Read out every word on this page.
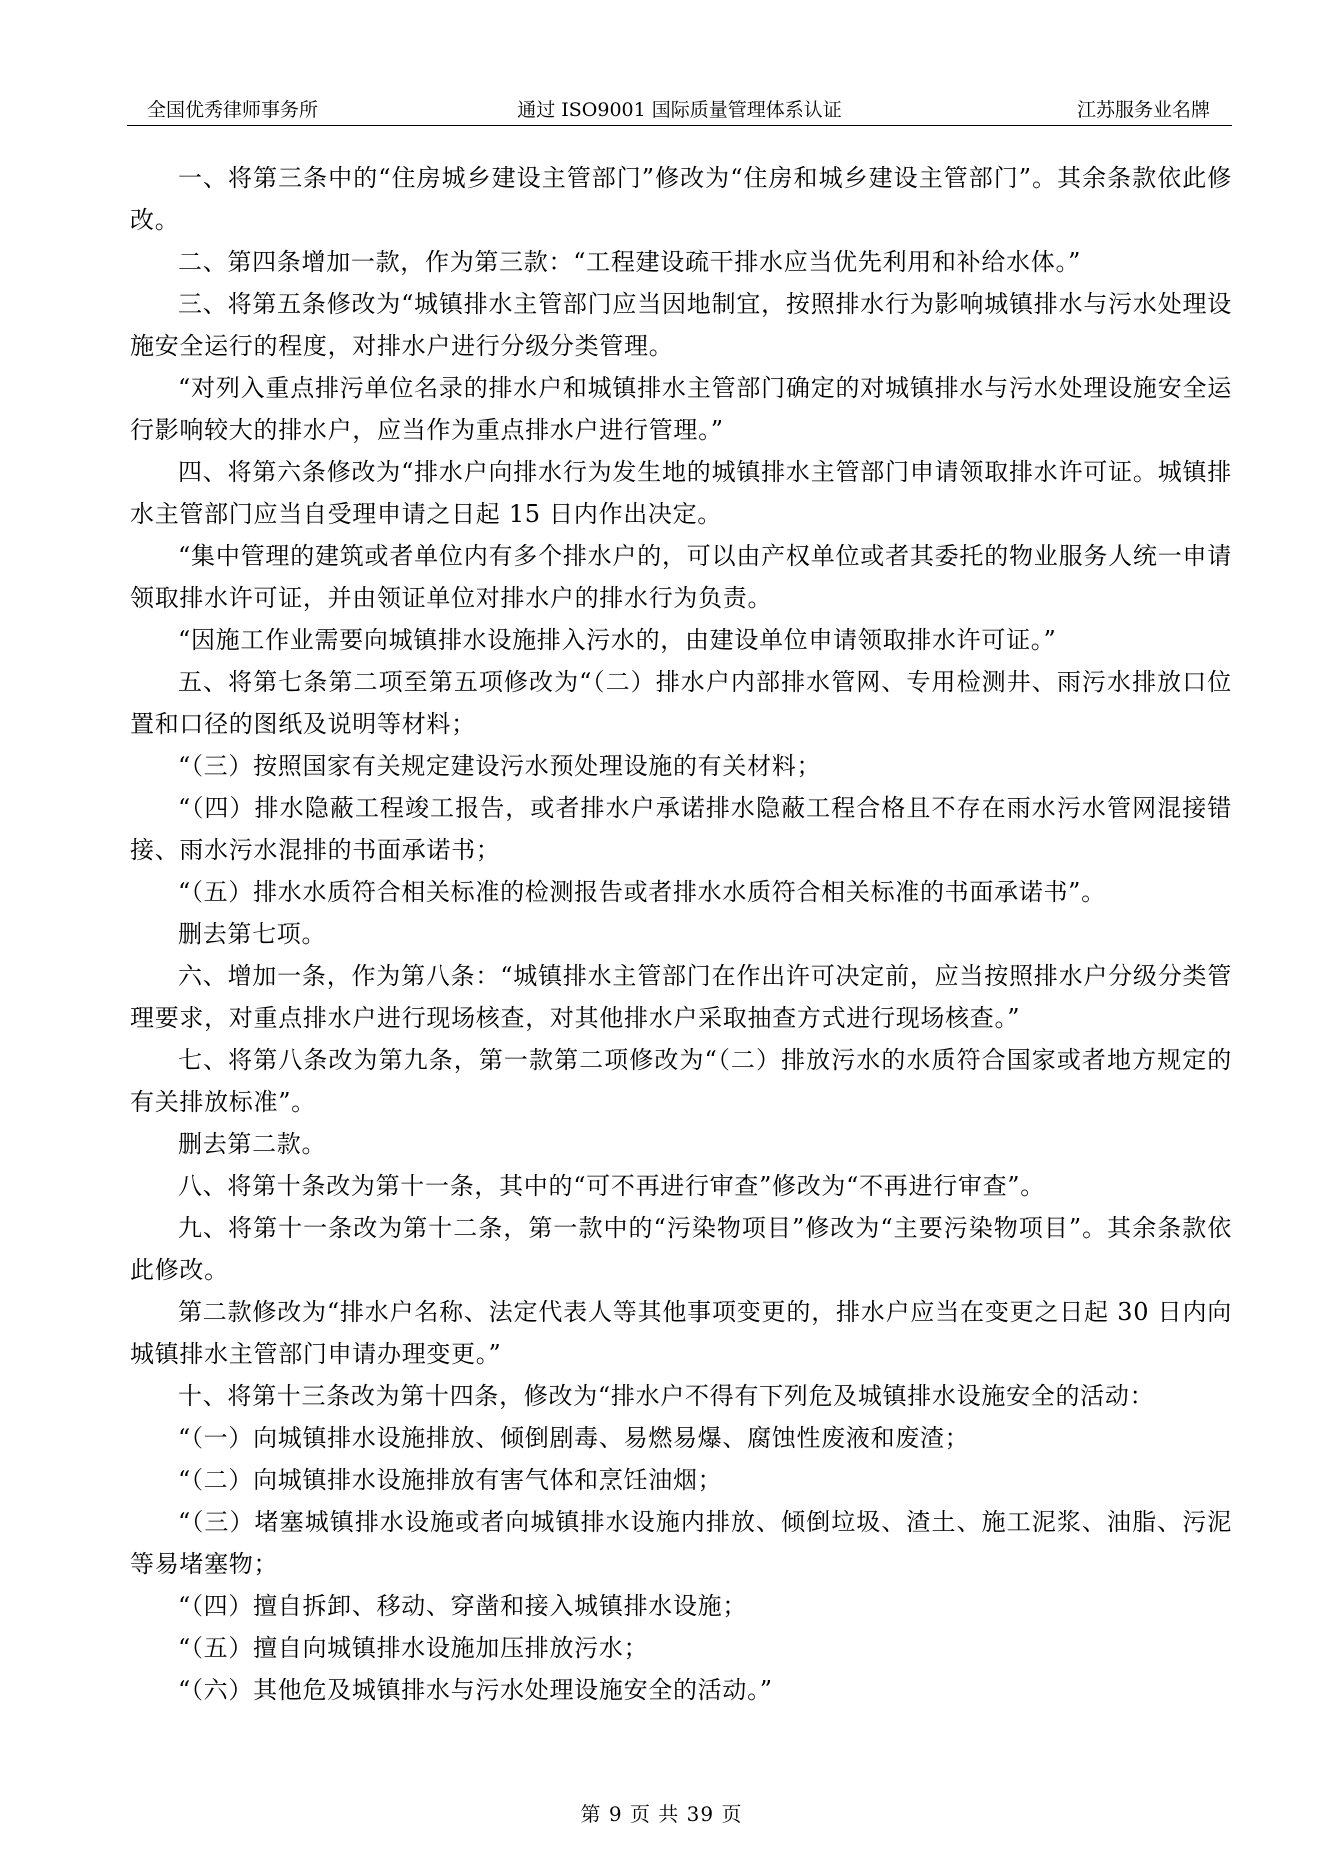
全国优秀律师事务所	通过 ISO9001 国际质量管理体系认证	江苏服务业名牌

一、将第三条中的“住房城乡建设主管部门”修改为“住房和城乡建设主管部门”。其余条款依此修改。

二、第四条增加一款，作为第三款：“工程建设疏干排水应当优先利用和补给水体。”

三、将第五条修改为“城镇排水主管部门应当因地制宜，按照排水行为影响城镇排水与污水处理设施安全运行的程度，对排水户进行分级分类管理。

“对列入重点排污单位名录的排水户和城镇排水主管部门确定的对城镇排水与污水处理设施安全运行影响较大的排水户，应当作为重点排水户进行管理。”

四、将第六条修改为“排水户向排水行为发生地的城镇排水主管部门申请领取排水许可证。城镇排水主管部门应当自受理申请之日起 15 日内作出决定。

“集中管理的建筑或者单位内有多个排水户的，可以由产权单位或者其委托的物业服务人统一申请领取排水许可证，并由领证单位对排水户的排水行为负责。

“因施工作业需要向城镇排水设施排入污水的，由建设单位申请领取排水许可证。”

五、将第七条第二项至第五项修改为“（二）排水户内部排水管网、专用检测井、雨污水排放口位置和口径的图纸及说明等材料；

“（三）按照国家有关规定建设污水预处理设施的有关材料；

“（四）排水隐蔽工程竣工报告，或者排水户承诺排水隐蔽工程合格且不存在雨水污水管网混接错接、雨水污水混排的书面承诺书；

“（五）排水水质符合相关标准的检测报告或者排水水质符合相关标准的书面承诺书”。

删去第七项。

六、增加一条，作为第八条：“城镇排水主管部门在作出许可决定前，应当按照排水户分级分类管理要求，对重点排水户进行现场核查，对其他排水户采取抽查方式进行现场核查。”

七、将第八条改为第九条，第一款第二项修改为“（二）排放污水的水质符合国家或者地方规定的有关排放标准”。

删去第二款。

八、将第十条改为第十一条，其中的“可不再进行审查”修改为“不再进行审查”。

九、将第十一条改为第十二条，第一款中的“污染物项目”修改为“主要污染物项目”。其余条款依此修改。

第二款修改为“排水户名称、法定代表人等其他事项变更的，排水户应当在变更之日起 30 日内向城镇排水主管部门申请办理变更。”

十、将第十三条改为第十四条，修改为“排水户不得有下列危及城镇排水设施安全的活动：

“（一）向城镇排水设施排放、倾倒剧毒、易燃易爆、腐蚀性废液和废渣；

“（二）向城镇排水设施排放有害气体和烹饪油烟；

“（三）堵塞城镇排水设施或者向城镇排水设施内排放、倾倒垃圾、渣土、施工泥浆、油脂、污泥等易堵塞物；

“（四）擅自拆卸、移动、穿凿和接入城镇排水设施；

“（五）擅自向城镇排水设施加压排放污水；

“（六）其他危及城镇排水与污水处理设施安全的活动。”

第 9 页 共 39 页
